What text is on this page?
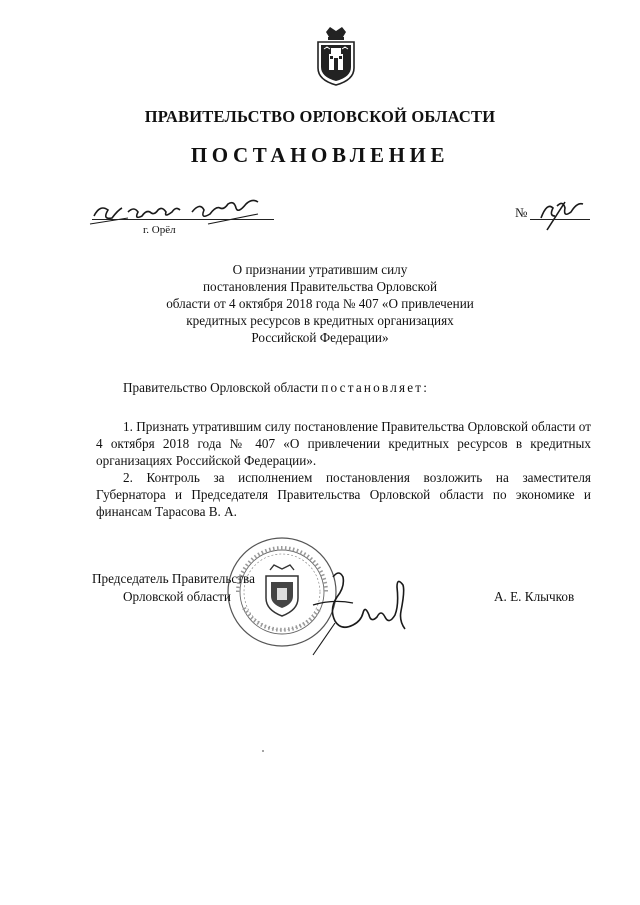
ПРАВИТЕЛЬСТВО ОРЛОВСКОЙ ОБЛАСТИ
ПОСТАНОВЛЕНИЕ
г. Орёл
№
О признании утратившим силу
постановления Правительства Орловской
области от 4 октября 2018 года № 407 «О привлечении
кредитных ресурсов в кредитных организациях
Российской Федерации»
Правительство Орловской области постановляет:
1. Признать утратившим силу постановление Правительства Орловской области от 4 октября 2018 года № 407 «О привлечении кредитных ресурсов в кредитных организациях Российской Федерации».
2. Контроль за исполнением постановления возложить на заместителя Губернатора и Председателя Правительства Орловской области по экономике и финансам Тарасова В. А.
Председатель Правительства
Орловской области	А. Е. Клычков
